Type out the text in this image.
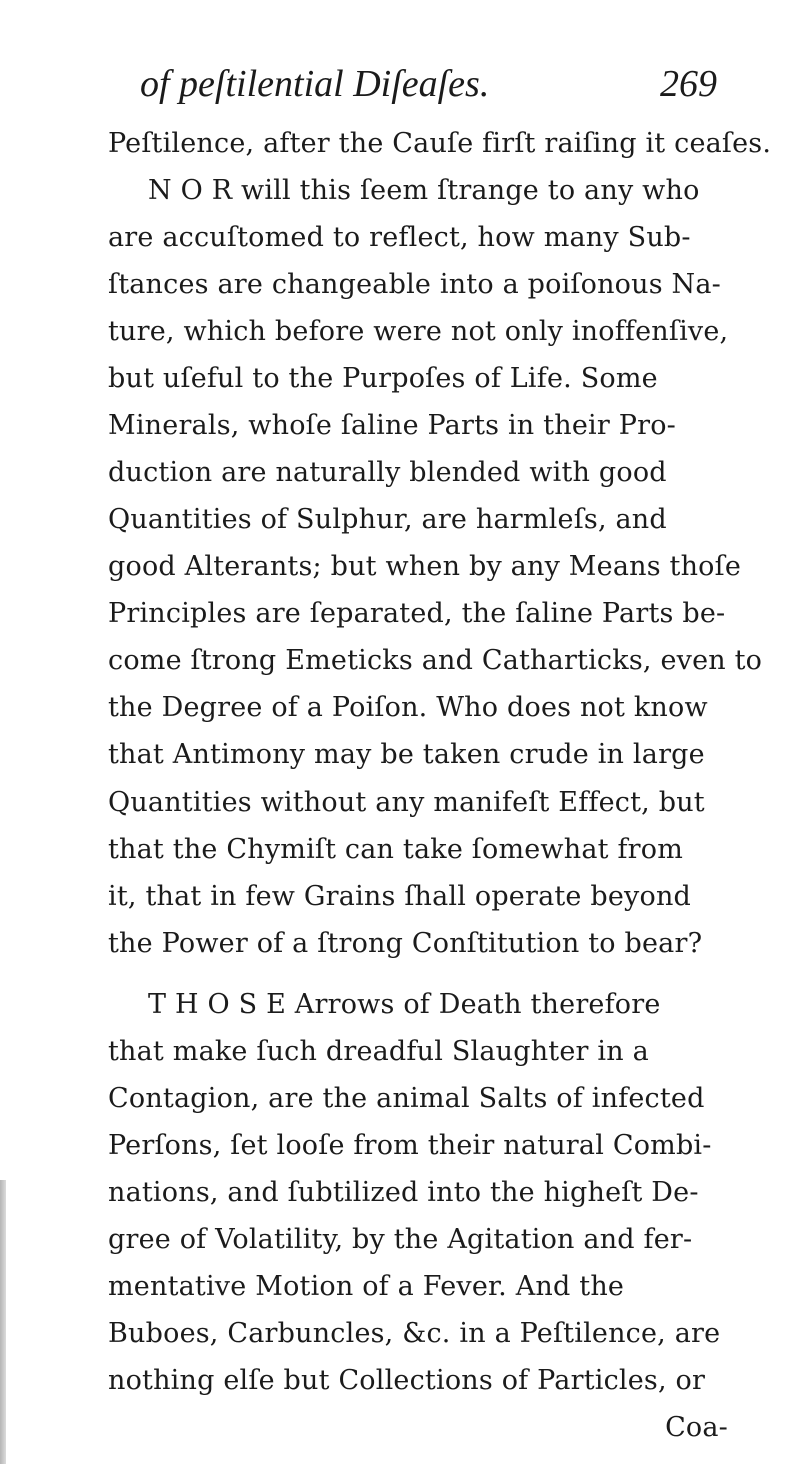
of peſtilential Diſeaſes.	269
Peſtilence, after the Cauſe firſt raiſing it ceaſes.
N O R will this ſeem ſtrange to any who
are accuſtomed to reflect, how many Sub-
ſtances are changeable into a poiſonous Na-
ture, which before were not only inoffenſive,
but uſeful to the Purpoſes of Life. Some
Minerals, whoſe ſaline Parts in their Pro-
duction are naturally blended with good
Quantities of Sulphur, are harmleſs, and
good Alterants; but when by any Means thoſe
Principles are ſeparated, the ſaline Parts be-
come ſtrong Emeticks and Catharticks, even to
the Degree of a Poiſon. Who does not know
that Antimony may be taken crude in large
Quantities without any manifeſt Effect, but
that the Chymiſt can take ſomewhat from
it, that in few Grains ſhall operate beyond
the Power of a ſtrong Conſtitution to bear?
T H O S E Arrows of Death therefore
that make ſuch dreadful Slaughter in a
Contagion, are the animal Salts of infected
Perſons, ſet looſe from their natural Combi-
nations, and ſubtilized into the higheſt De-
gree of Volatility, by the Agitation and fer-
mentative Motion of a Fever. And the
Buboes, Carbuncles, &c. in a Peſtilence, are
nothing elſe but Collections of Particles, or
Coa-
